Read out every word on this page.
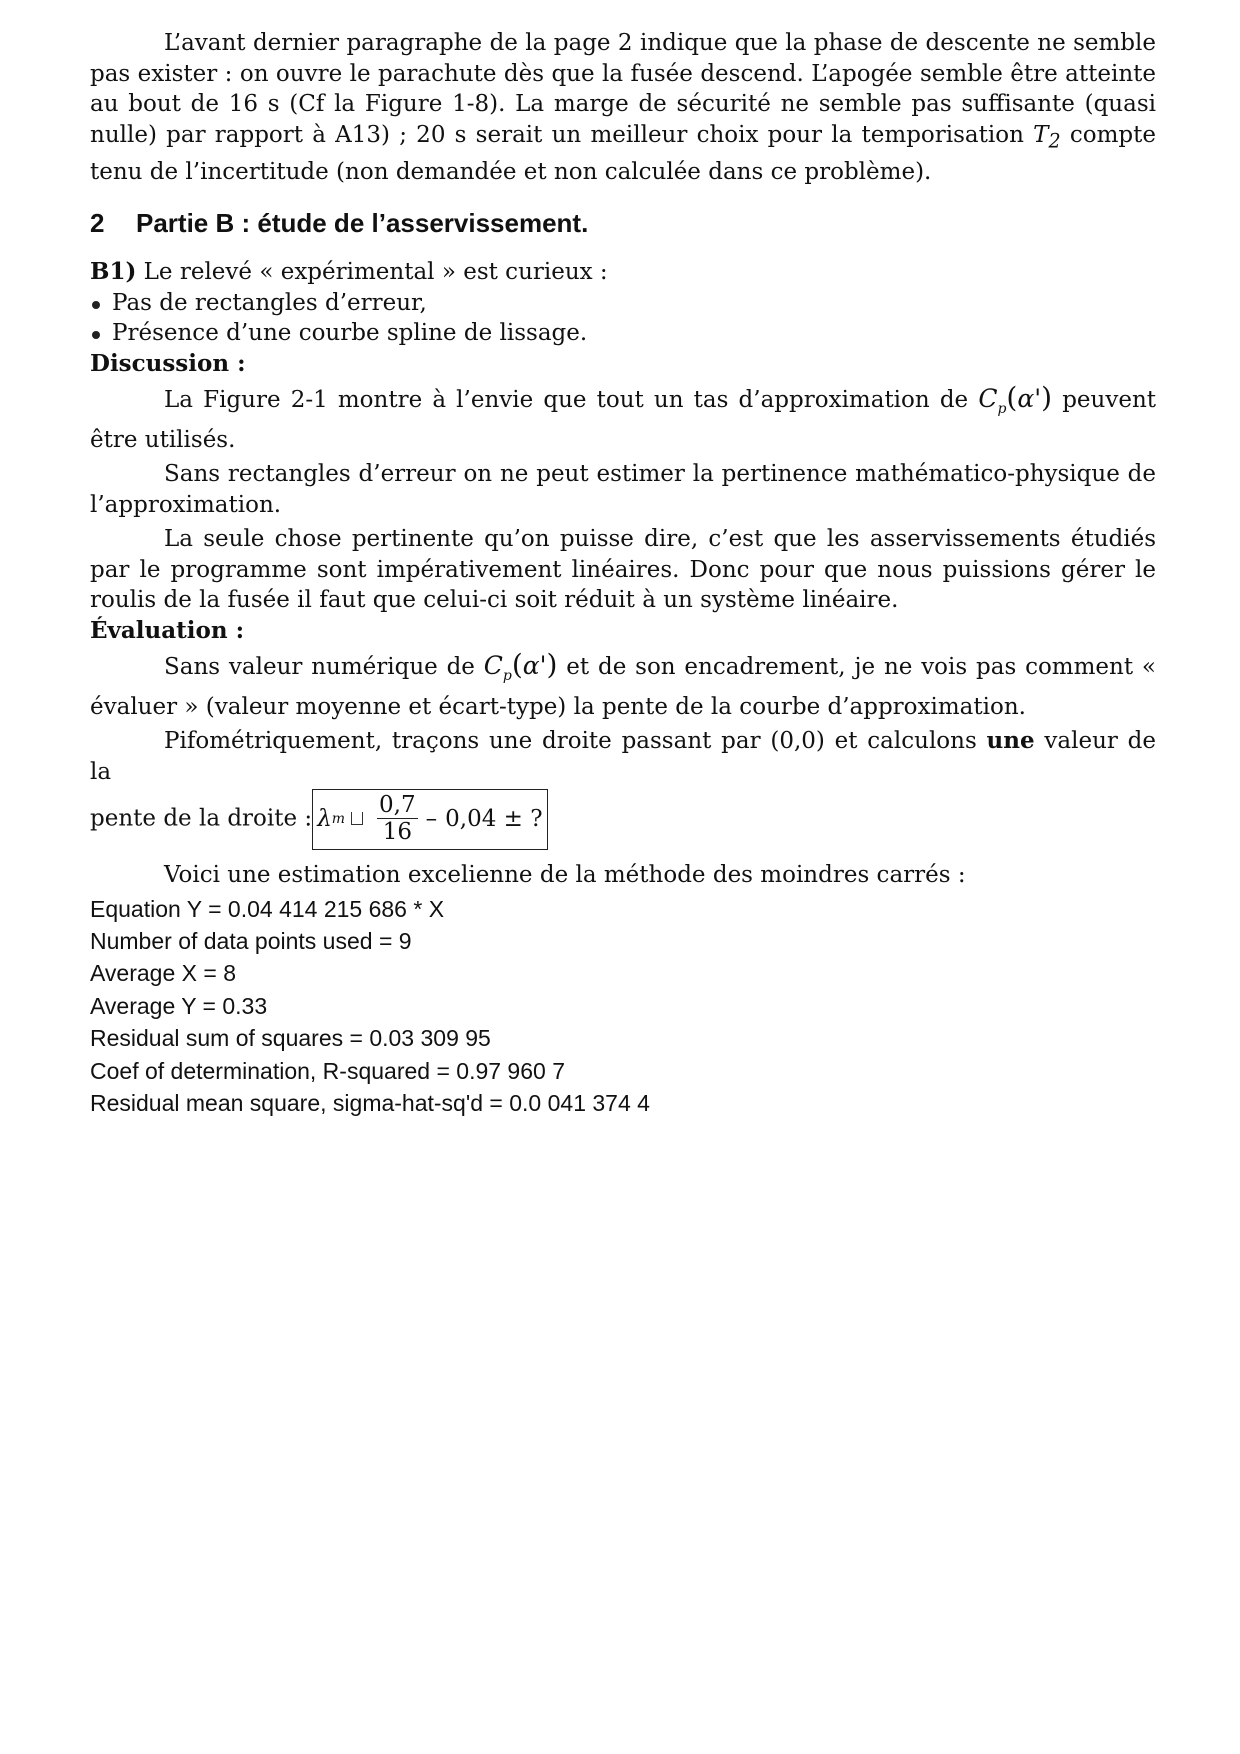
L’avant dernier paragraphe de la page 2 indique que la phase de descente ne semble pas exister : on ouvre le parachute dès que la fusée descend. L’apogée semble être atteinte au bout de 16 s (Cf la Figure 1-8). La marge de sécurité ne semble pas suffisante (quasi nulle) par rapport à A13) ; 20 s serait un meilleur choix pour la temporisation $T_2$ compte tenu de l’incertitude (non demandée et non calculée dans ce problème).

2 Partie B : étude de l’asservissement.

B1) Le relevé « expérimental » est curieux :

Pas de rectangles d’erreur,
Présence d’une courbe spline de lissage.

Discussion :

La Figure 2-1 montre à l’envie que tout un tas d’approximation de $C_p(\alpha')$ peuvent être utilisés.

Sans rectangles d’erreur on ne peut estimer la pertinence mathématico-physique de l’approximation.

La seule chose pertinente qu’on puisse dire, c’est que les asservissements étudiés par le programme sont impérativement linéaires. Donc pour que nous puissions gérer le roulis de la fusée il faut que celui-ci soit réduit à un système linéaire.

Évaluation :

Sans valeur numérique de $C_p(\alpha')$ et de son encadrement, je ne vois pas comment « évaluer » (valeur moyenne et écart-type) la pente de la courbe d’approximation.

Pifométriquement, traçons une droite passant par (0,0) et calculons une valeur de la

pente de la droite : λ m $\frac{0,7}{16} - 0,04$ ± ?

Voici une estimation excelienne de la méthode des moindres carrés :

Equation Y = 0.04 414 215 686 * X
Number of data points used = 9
Average X = 8
Average Y = 0.33
Residual sum of squares = 0.03 309 95
Coef of determination, R-squared = 0.97 960 7
Residual mean square, sigma-hat-sq'd = 0.0 041 374 4
